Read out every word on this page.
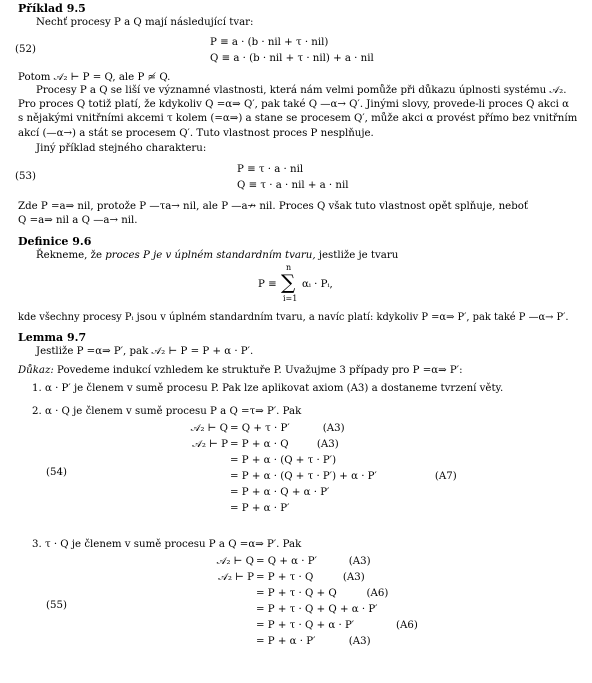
Příklad 9.5
Nechť procesy P a Q mají následující tvar:
(52)
P ≡ a · (b · nil + τ · nil)
Q ≡ a · (b · nil + τ · nil) + a · nil
Potom 𝒜₂ ⊢ P = Q, ale P ≄ Q.
Procesy P a Q se liší ve významné vlastnosti, která nám velmi pomůže při důkazu úplnosti systému 𝒜₂.
Pro proces Q totiž platí, že kdykoliv Q =α⇒ Q′, pak také Q —α→ Q′. Jinými slovy, provede-li proces Q akci α
s nějakými vnitřními akcemi τ kolem (=α⇒) a stane se procesem Q′, může akci α provést přímo bez vnitřním
akcí (—α→) a stát se procesem Q′. Tuto vlastnost proces P nesplňuje.
Jiný příklad stejného charakteru:
(53)
P ≡ τ · a · nil
Q ≡ τ · a · nil + a · nil
Zde P =a⇒ nil, protože P —τa→ nil, ale P —a↛ nil. Proces Q však tuto vlastnost opět splňuje, neboť
Q =a⇒ nil a Q —a→ nil.
Definice 9.6
Řekneme, že proces P je v úplném standardním tvaru, jestliže je tvaru
n
P ≡ ∑ αᵢ · Pᵢ,
i=1
kde všechny procesy Pᵢ jsou v úplném standardním tvaru, a navíc platí: kdykoliv P =α⇒ P′, pak také P —α→ P′.
Lemma 9.7
Jestliže P =α⇒ P′, pak 𝒜₂ ⊢ P = P + α · P′.
Důkaz: Povedeme indukcí vzhledem ke struktuře P. Uvažujme 3 případy pro P =α⇒ P′:
1. α · P′ je členem v sumě procesu P. Pak lze aplikovat axiom (A3) a dostaneme tvrzení věty.
2. α · Q je členem v sumě procesu P a Q =τ⇒ P′. Pak
(54)
𝒜₂ ⊢ Q = Q + τ · P′	(A3)
𝒜₂ ⊢ P = P + α · Q	(A3)
= P + α · (Q + τ · P′)
= P + α · (Q + τ · P′) + α · P′	(A7)
= P + α · Q + α · P′
= P + α · P′
3. τ · Q je členem v sumě procesu P a Q =α⇒ P′. Pak
(55)
𝒜₂ ⊢ Q = Q + α · P′	(A3)
𝒜₂ ⊢ P = P + τ · Q	(A3)
= P + τ · Q + Q	(A6)
= P + τ · Q + Q + α · P′
= P + τ · Q + α · P′	(A6)
= P + α · P′	(A3)
